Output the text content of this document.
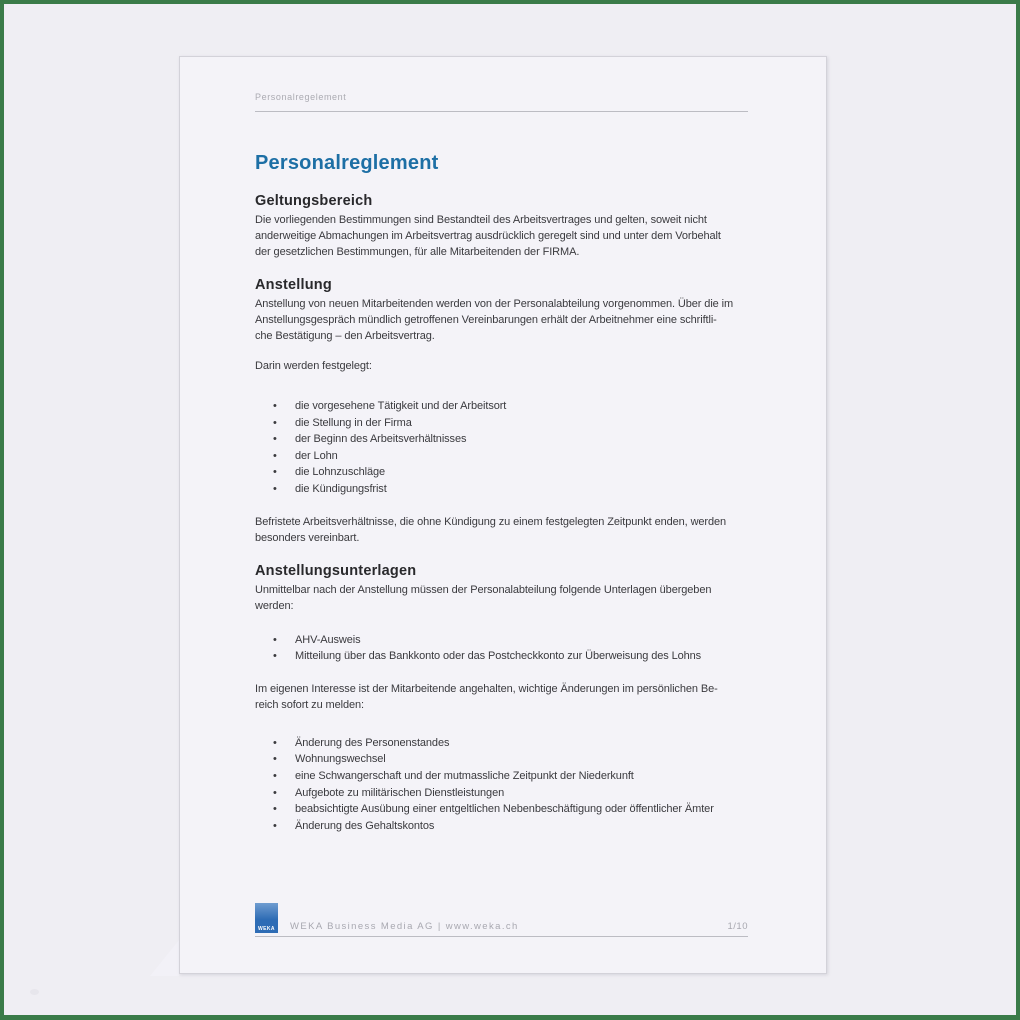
Personalregelement
Personalreglement
Geltungsbereich
Die vorliegenden Bestimmungen sind Bestandteil des Arbeitsvertrages und gelten, soweit nicht
anderweitige Abmachungen im Arbeitsvertrag ausdrücklich geregelt sind und unter dem Vorbehalt
der gesetzlichen Bestimmungen, für alle Mitarbeitenden der FIRMA.
Anstellung
Anstellung von neuen Mitarbeitenden werden von der Personalabteilung vorgenommen. Über die im
Anstellungsgespräch mündlich getroffenen Vereinbarungen erhält der Arbeitnehmer eine schriftli-
che Bestätigung – den Arbeitsvertrag.
Darin werden festgelegt:
• die vorgesehene Tätigkeit und der Arbeitsort
• die Stellung in der Firma
• der Beginn des Arbeitsverhältnisses
• der Lohn
• die Lohnzuschläge
• die Kündigungsfrist
Befristete Arbeitsverhältnisse, die ohne Kündigung zu einem festgelegten Zeitpunkt enden, werden
besonders vereinbart.
Anstellungsunterlagen
Unmittelbar nach der Anstellung müssen der Personalabteilung folgende Unterlagen übergeben
werden:
• AHV-Ausweis
• Mitteilung über das Bankkonto oder das Postcheckkonto zur Überweisung des Lohns
Im eigenen Interesse ist der Mitarbeitende angehalten, wichtige Änderungen im persönlichen Be-
reich sofort zu melden:
• Änderung des Personenstandes
• Wohnungswechsel
• eine Schwangerschaft und der mutmassliche Zeitpunkt der Niederkunft
• Aufgebote zu militärischen Dienstleistungen
• beabsichtigte Ausübung einer entgeltlichen Nebenbeschäftigung oder öffentlicher Ämter
• Änderung des Gehaltskontos
WEKA WEKA Business Media AG | www.weka.ch	1/10
